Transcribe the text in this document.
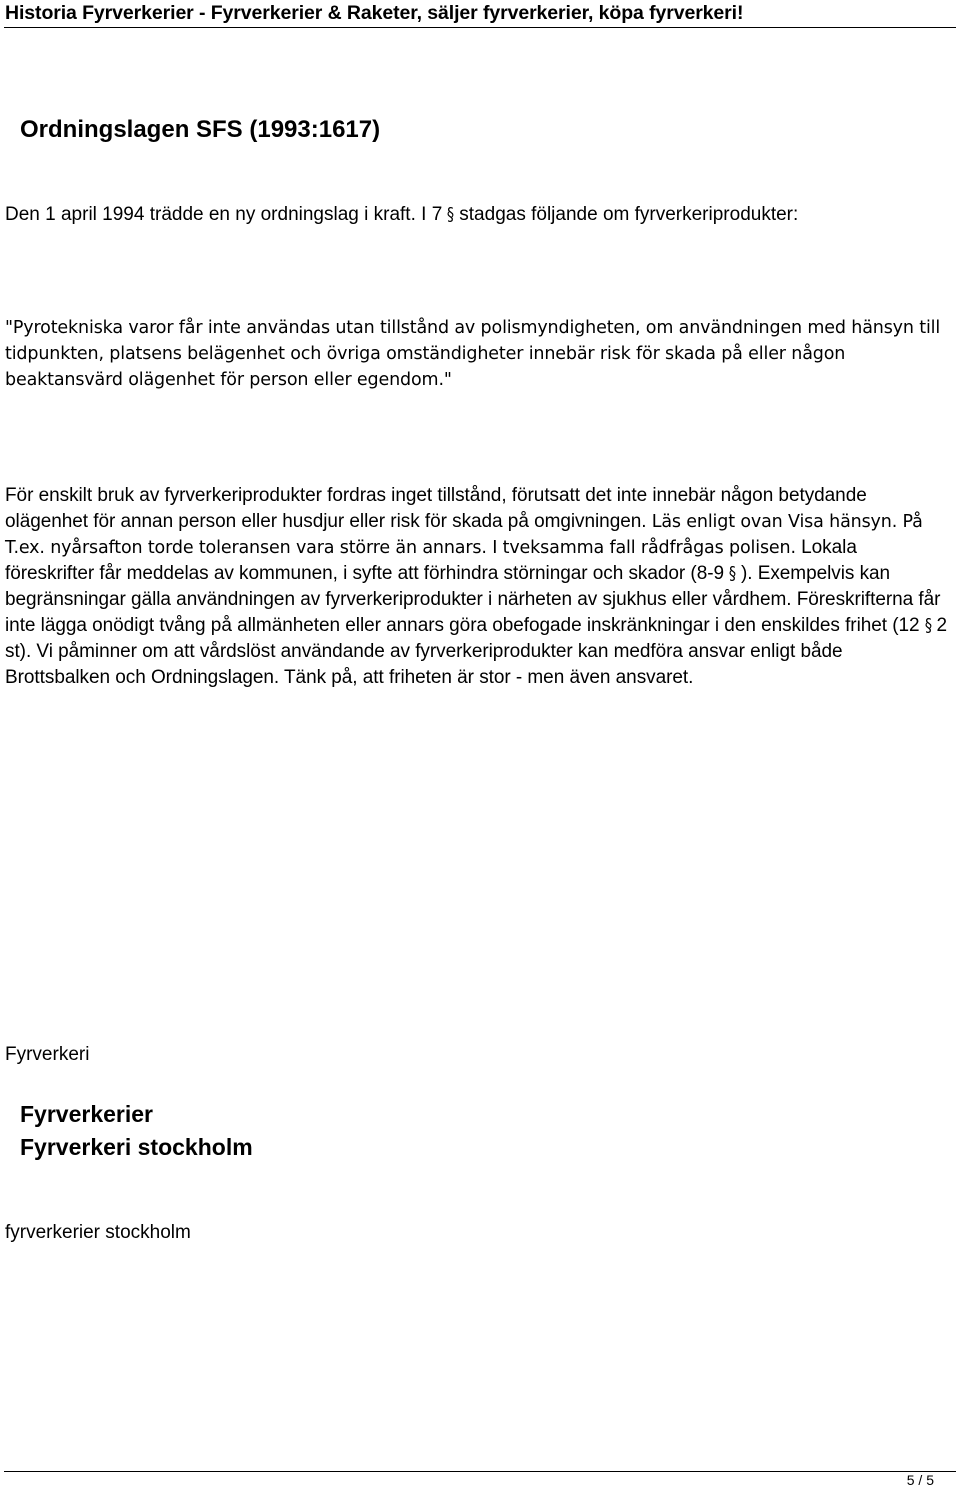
Historia Fyrverkerier - Fyrverkerier & Raketer, säljer fyrverkerier, köpa fyrverkeri!
Ordningslagen SFS (1993:1617)

Den 1 april 1994 trädde en ny ordningslag i kraft. I 7 § stadgas följande om fyrverkeriprodukter:

"Pyrotekniska varor får inte användas utan tillstånd av polismyndigheten, om användningen med hänsyn till tidpunkten, platsens belägenhet och övriga omständigheter innebär risk för skada på eller någon beaktansvärd olägenhet för person eller egendom."

För enskilt bruk av fyrverkeriprodukter fordras inget tillstånd, förutsatt det inte innebär någon betydande olägenhet för annan person eller husdjur eller risk för skada på omgivningen. Läs enligt ovan Visa hänsyn. På T.ex. nyårsafton torde toleransen vara större än annars. I tveksamma fall rådfrågas polisen. Lokala föreskrifter får meddelas av kommunen, i syfte att förhindra störningar och skador (8-9 § ). Exempelvis kan begränsningar gälla användningen av fyrverkeriprodukter i närheten av sjukhus eller vårdhem. Föreskrifterna får inte lägga onödigt tvång på allmänheten eller annars göra obefogade inskränkningar i den enskildes frihet (12 § 2 st). Vi påminner om att vårdslöst användande av fyrverkeriprodukter kan medföra ansvar enligt både Brottsbalken och Ordningslagen. Tänk på, att friheten är stor - men även ansvaret.

Fyrverkeri
Fyrverkerier
Fyrverkeri stockholm
fyrverkerier stockholm
5 / 5
